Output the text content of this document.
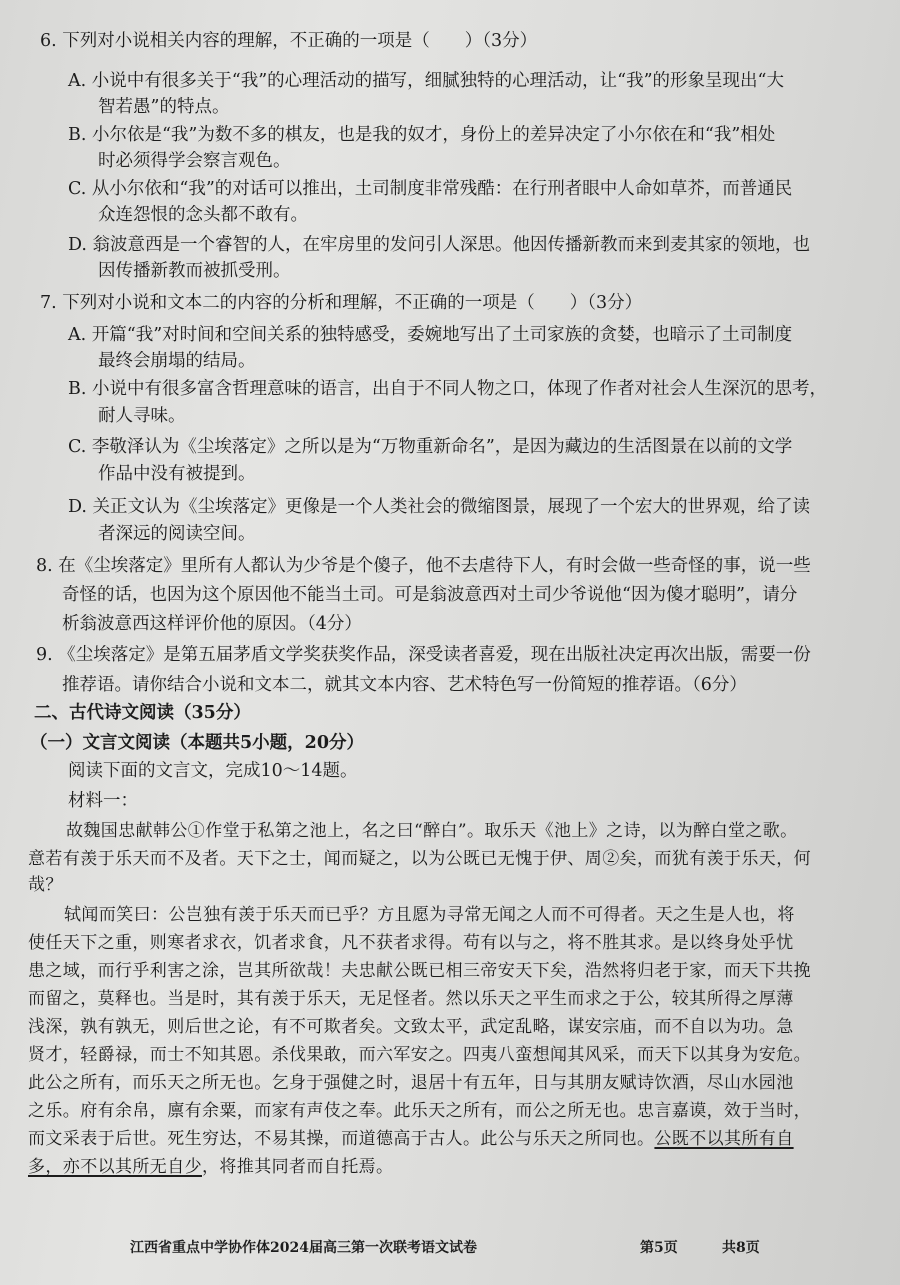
6. 下列对小说相关内容的理解，不正确的一项是（　　）（3分）
A. 小说中有很多关于“我”的心理活动的描写，细腻独特的心理活动，让“我”的形象呈现出“大
智若愚”的特点。
B. 小尔依是“我”为数不多的棋友，也是我的奴才，身份上的差异决定了小尔依在和“我”相处
时必须得学会察言观色。
C. 从小尔依和“我”的对话可以推出，土司制度非常残酷：在行刑者眼中人命如草芥，而普通民
众连怨恨的念头都不敢有。
D. 翁波意西是一个睿智的人，在牢房里的发问引人深思。他因传播新教而来到麦其家的领地，也
因传播新教而被抓受刑。
7. 下列对小说和文本二的内容的分析和理解，不正确的一项是（　　）（3分）
A. 开篇“我”对时间和空间关系的独特感受，委婉地写出了土司家族的贪婪，也暗示了土司制度
最终会崩塌的结局。
B. 小说中有很多富含哲理意味的语言，出自于不同人物之口，体现了作者对社会人生深沉的思考，
耐人寻味。
C. 李敬泽认为《尘埃落定》之所以是为“万物重新命名”，是因为藏边的生活图景在以前的文学
作品中没有被提到。
D. 关正文认为《尘埃落定》更像是一个人类社会的微缩图景，展现了一个宏大的世界观，给了读
者深远的阅读空间。
8. 在《尘埃落定》里所有人都认为少爷是个傻子，他不去虐待下人，有时会做一些奇怪的事，说一些
奇怪的话，也因为这个原因他不能当土司。可是翁波意西对土司少爷说他“因为傻才聪明”，请分
析翁波意西这样评价他的原因。（4分）
9. 《尘埃落定》是第五届茅盾文学奖获奖作品，深受读者喜爱，现在出版社决定再次出版，需要一份
推荐语。请你结合小说和文本二，就其文本内容、艺术特色写一份简短的推荐语。（6分）
二、古代诗文阅读（35分）
（一）文言文阅读（本题共5小题，20分）
阅读下面的文言文，完成10～14题。
材料一：
故魏国忠献韩公①作堂于私第之池上，名之曰“醉白”。取乐天《池上》之诗，以为醉白堂之歌。
意若有羡于乐天而不及者。天下之士，闻而疑之，以为公既已无愧于伊、周②矣，而犹有羡于乐天，何
哉？
轼闻而笑曰：公岂独有羡于乐天而已乎？方且愿为寻常无闻之人而不可得者。天之生是人也，将
使任天下之重，则寒者求衣，饥者求食，凡不获者求得。苟有以与之，将不胜其求。是以终身处乎忧
患之域，而行乎利害之涂，岂其所欲哉！夫忠献公既已相三帝安天下矣，浩然将归老于家，而天下共挽
而留之，莫释也。当是时，其有羡于乐天，无足怪者。然以乐天之平生而求之于公，较其所得之厚薄
浅深，孰有孰无，则后世之论，有不可欺者矣。文致太平，武定乱略，谋安宗庙，而不自以为功。急
贤才，轻爵禄，而士不知其恩。杀伐果敢，而六军安之。四夷八蛮想闻其风采，而天下以其身为安危。
此公之所有，而乐天之所无也。乞身于强健之时，退居十有五年，日与其朋友赋诗饮酒，尽山水园池
之乐。府有余帛，廪有余粟，而家有声伎之奉。此乐天之所有，而公之所无也。忠言嘉谟，效于当时，
而文采表于后世。死生穷达，不易其操，而道德高于古人。此公与乐天之所同也。公既不以其所有自
多，亦不以其所无自少，将推其同者而自托焉。
江西省重点中学协作体2024届高三第一次联考语文试卷	第5页	共8页
